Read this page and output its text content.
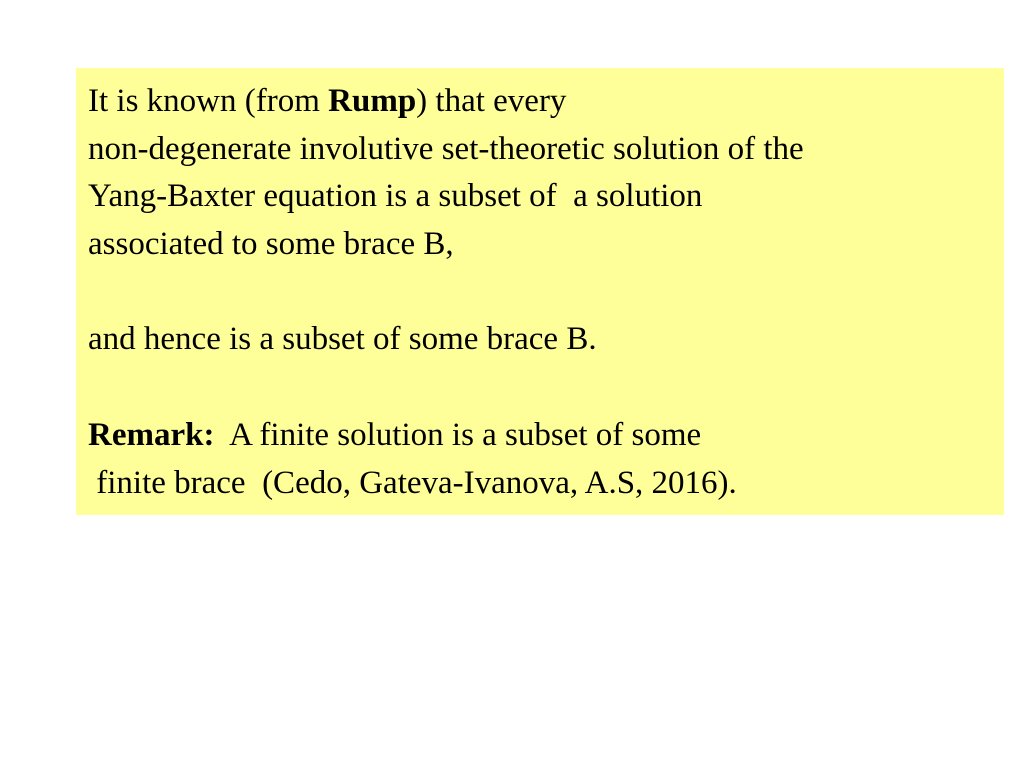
It is known (from Rump) that every
non-degenerate involutive set-theoretic solution of the
Yang-Baxter equation is a subset of  a solution
associated to some brace B,
and hence is a subset of some brace B.
Remark:  A finite solution is a subset of some
finite brace  (Cedo, Gateva-Ivanova, A.S, 2016).
